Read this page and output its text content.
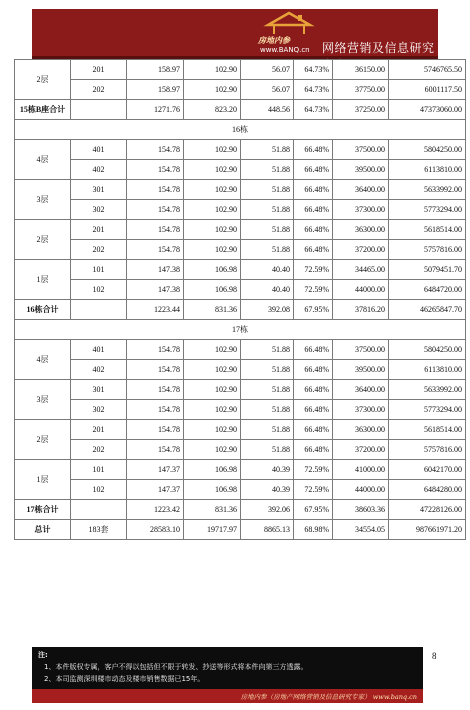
房地内参
www.BANQ.cn 网络营销及信息研究专家
2层	201	158.97	102.90	56.07	64.73%	36150.00	5746765.50
	202	158.97	102.90	56.07	64.73%	37750.00	6001117.50
15栋B座合计		1271.76	823.20	448.56	64.73%	37250.00	47373060.00
16栋							
4层	401	154.78	102.90	51.88	66.48%	37500.00	5804250.00
	402	154.78	102.90	51.88	66.48%	39500.00	6113810.00
3层	301	154.78	102.90	51.88	66.48%	36400.00	5633992.00
	302	154.78	102.90	51.88	66.48%	37300.00	5773294.00
2层	201	154.78	102.90	51.88	66.48%	36300.00	5618514.00
	202	154.78	102.90	51.88	66.48%	37200.00	5757816.00
1层	101	147.38	106.98	40.40	72.59%	34465.00	5079451.70
	102	147.38	106.98	40.40	72.59%	44000.00	6484720.00
16栋合计		1223.44	831.36	392.08	67.95%	37816.20	46265847.70
17栋							
4层	401	154.78	102.90	51.88	66.48%	37500.00	5804250.00
	402	154.78	102.90	51.88	66.48%	39500.00	6113810.00
3层	301	154.78	102.90	51.88	66.48%	36400.00	5633992.00
	302	154.78	102.90	51.88	66.48%	37300.00	5773294.00
2层	201	154.78	102.90	51.88	66.48%	36300.00	5618514.00
	202	154.78	102.90	51.88	66.48%	37200.00	5757816.00
1层	101	147.37	106.98	40.39	72.59%	41000.00	6042170.00
	102	147.37	106.98	40.39	72.59%	44000.00	6484280.00
17栋合计		1223.42	831.36	392.06	67.95%	38603.36	47228126.00
总计	183套	28583.10	19717.97	8865.13	68.98%	34554.05	987661971.20
8
注:
1、本件版权专属，客户不得以包括但不限于转发、抄送等形式将本件向第三方透露。
2、本司监测深圳楼市动态及楼市销售数据已15年。
房地内参（房地产网络营销及信息研究专家） www.banq.cn
